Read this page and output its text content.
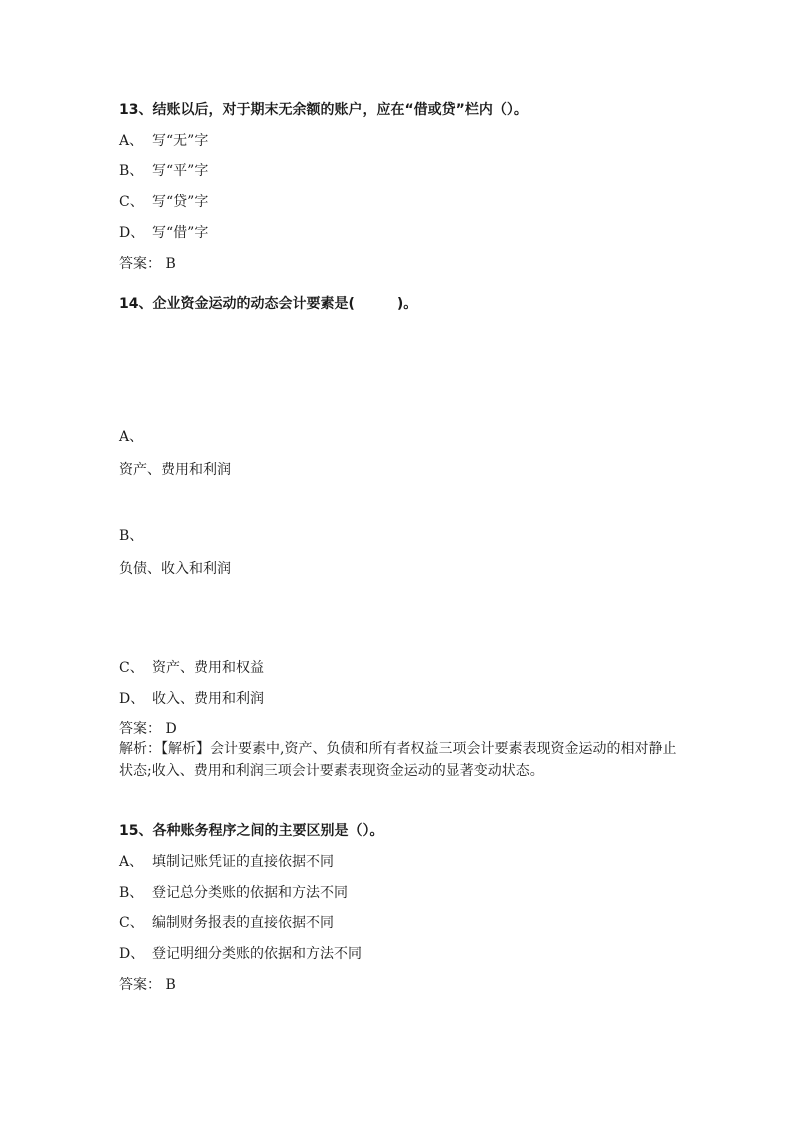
13、结账以后，对于期末无余额的账户，应在“借或贷”栏内（）。
A、 写“无”字
B、 写“平”字
C、 写“贷”字
D、 写“借”字
答案： B
14、企业资金运动的动态会计要素是(　　　)。
A、
资产、费用和利润
B、
负债、收入和利润
C、 资产、费用和权益
D、 收入、费用和利润
答案： D
解析：【解析】会计要素中,资产、负债和所有者权益三项会计要素表现资金运动的相对静止状态;收入、费用和利润三项会计要素表现资金运动的显著变动状态。
15、各种账务程序之间的主要区别是（）。
A、 填制记账凭证的直接依据不同
B、 登记总分类账的依据和方法不同
C、 编制财务报表的直接依据不同
D、 登记明细分类账的依据和方法不同
答案： B
